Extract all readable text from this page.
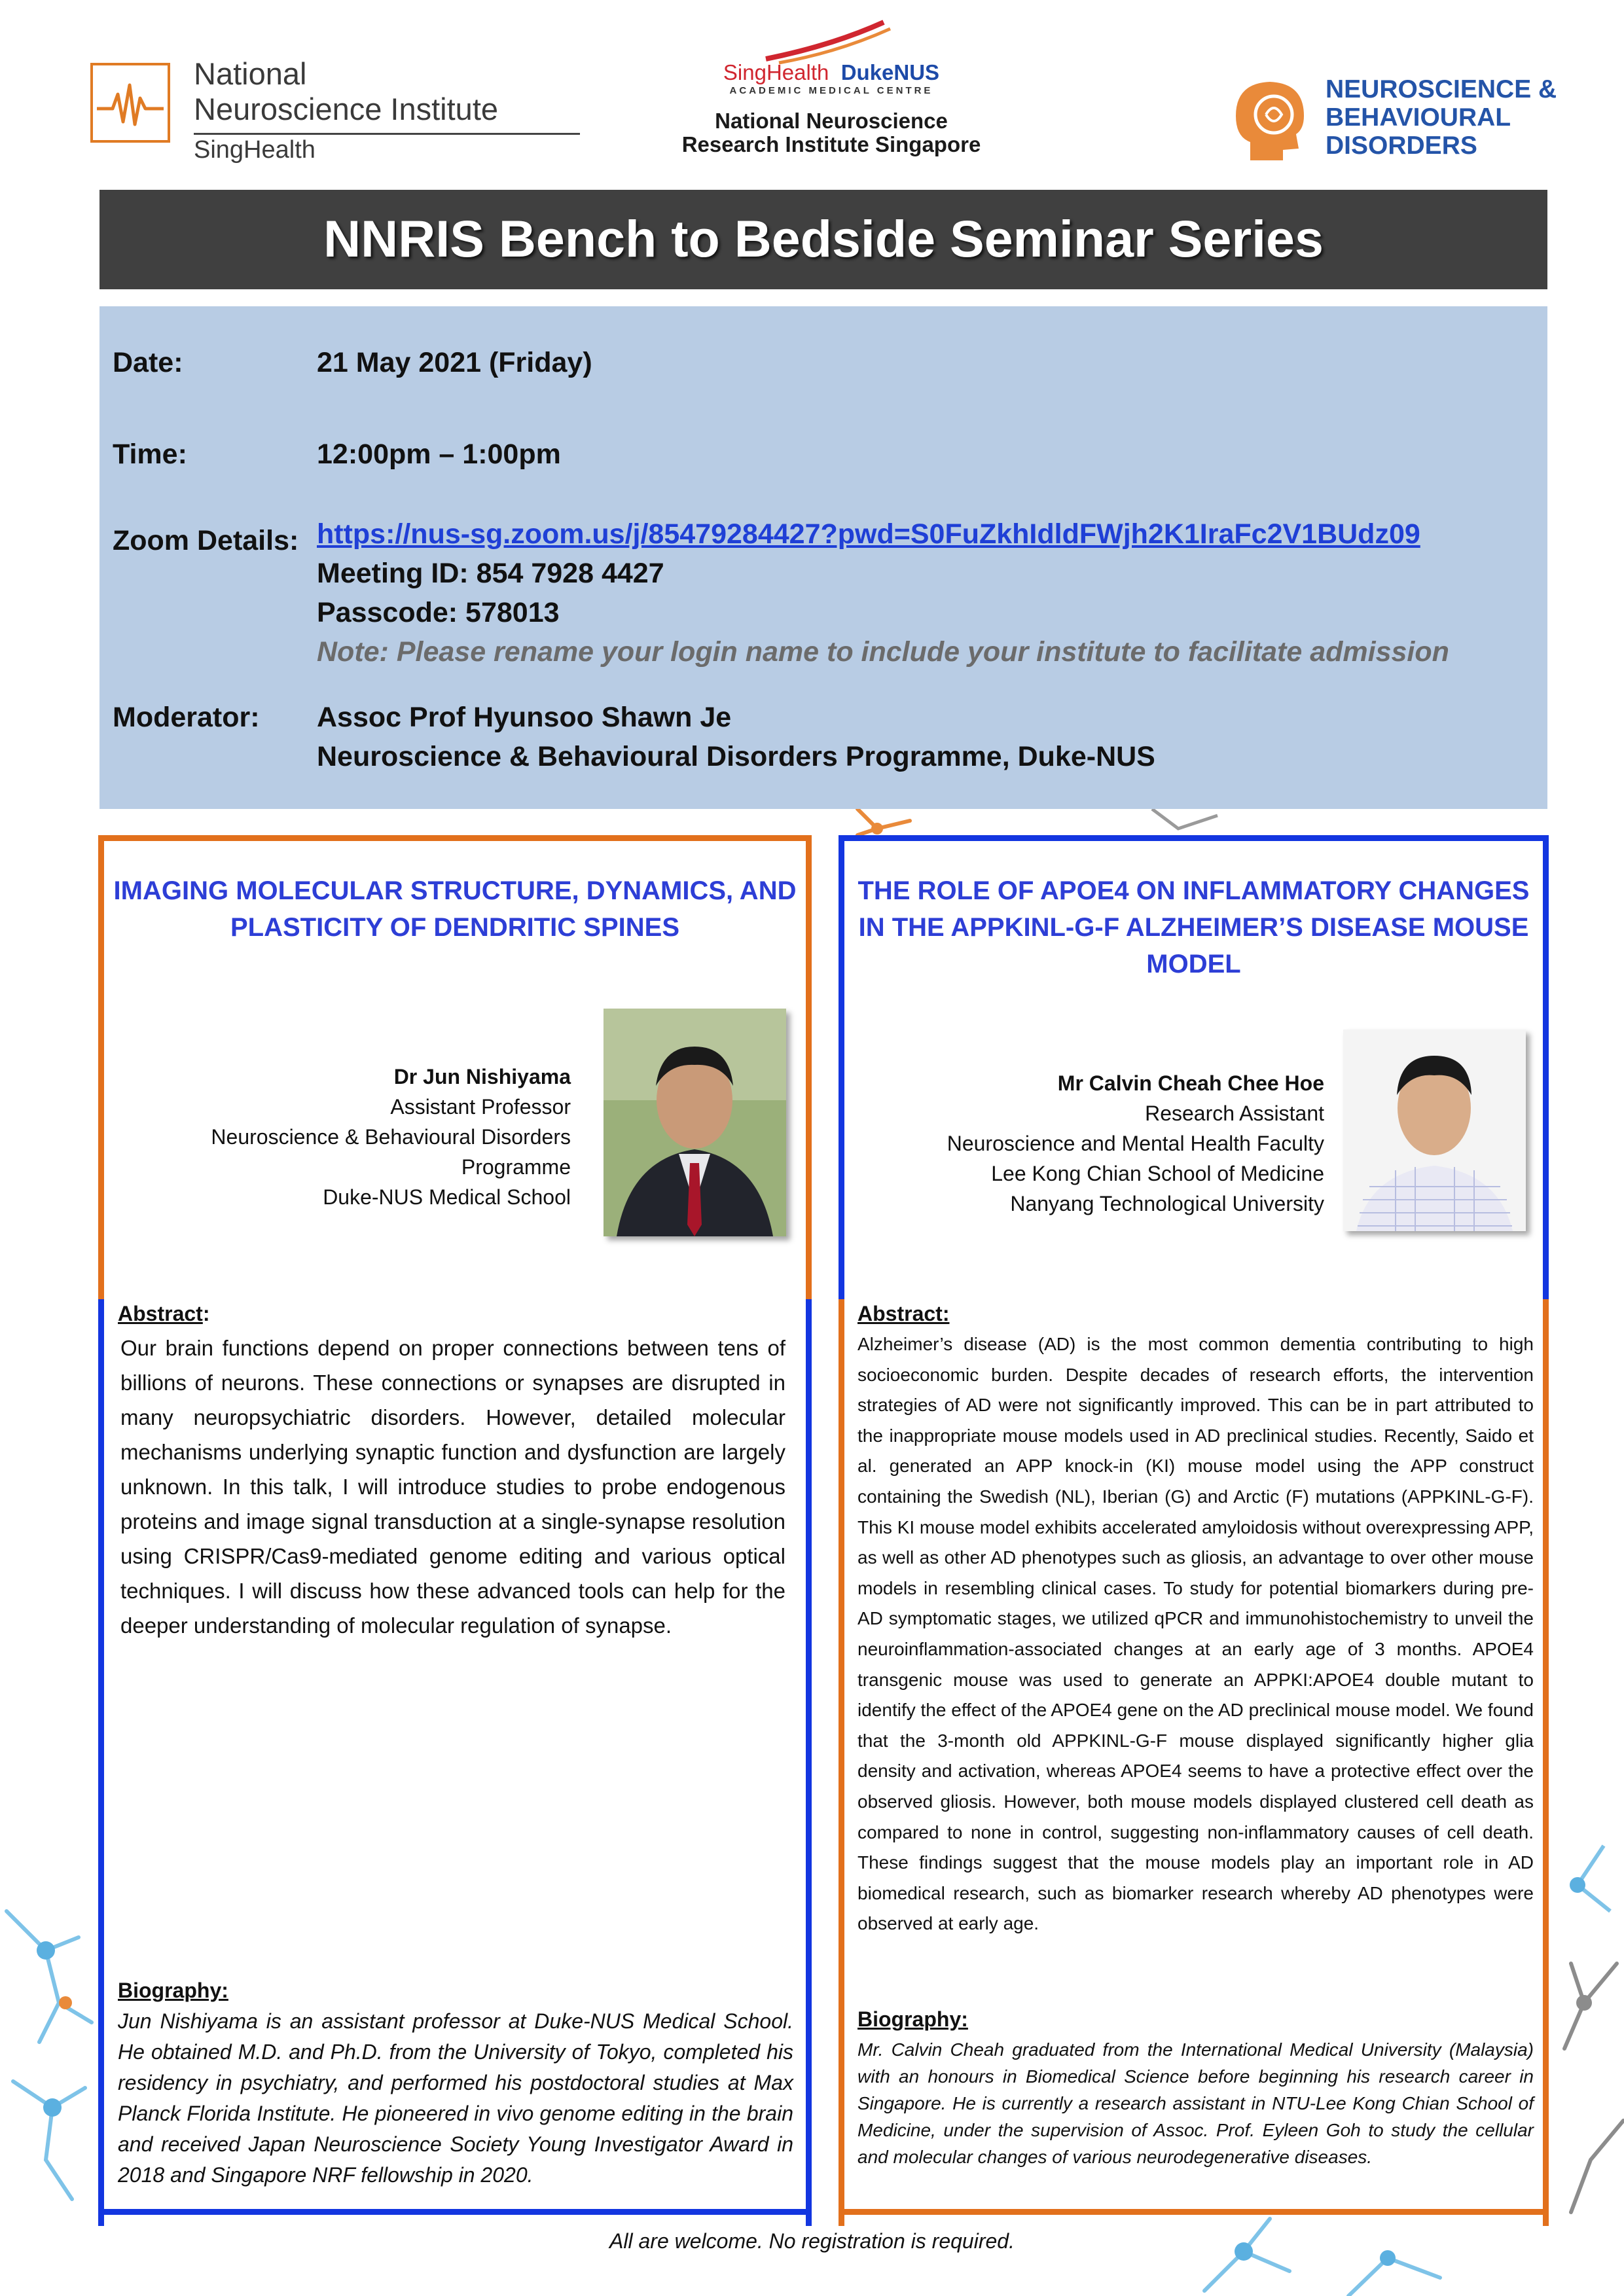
National
Neuroscience Institute
SingHealth
SingHealth DukeNUS
ACADEMIC MEDICAL CENTRE
National Neuroscience
Research Institute Singapore
NEUROSCIENCE &
BEHAVIOURAL
DISORDERS
NNRIS Bench to Bedside Seminar Series
Date:	21 May 2021 (Friday)
Time:	12:00pm – 1:00pm
Zoom Details: https://nus-sg.zoom.us/j/85479284427?pwd=S0FuZkhIdldFWjh2K1IraFc2V1BUdz09
Meeting ID: 854 7928 4427
Passcode: 578013
Note: Please rename your login name to include your institute to facilitate admission
Moderator: Assoc Prof Hyunsoo Shawn Je
Neuroscience & Behavioural Disorders Programme, Duke-NUS
IMAGING MOLECULAR STRUCTURE, DYNAMICS, AND
PLASTICITY OF DENDRITIC SPINES
Dr Jun Nishiyama
Assistant Professor
Neuroscience & Behavioural Disorders
Programme
Duke-NUS Medical School
Abstract:
Our brain functions depend on proper connections between tens of billions of neurons. These connections or synapses are disrupted in many neuropsychiatric disorders. However, detailed molecular mechanisms underlying synaptic function and dysfunction are largely unknown. In this talk, I will introduce studies to probe endogenous proteins and image signal transduction at a single-synapse resolution using CRISPR/Cas9-mediated genome editing and various optical techniques. I will discuss how these advanced tools can help for the deeper understanding of molecular regulation of synapse.
Biography:
Jun Nishiyama is an assistant professor at Duke-NUS Medical School. He obtained M.D. and Ph.D. from the University of Tokyo, completed his residency in psychiatry, and performed his postdoctoral studies at Max Planck Florida Institute. He pioneered in vivo genome editing in the brain and received Japan Neuroscience Society Young Investigator Award in 2018 and Singapore NRF fellowship in 2020.
THE ROLE OF APOE4 ON INFLAMMATORY CHANGES
IN THE APPKINL-G-F ALZHEIMER’S DISEASE MOUSE
MODEL
Mr Calvin Cheah Chee Hoe
Research Assistant
Neuroscience and Mental Health Faculty
Lee Kong Chian School of Medicine
Nanyang Technological University
Abstract:
Alzheimer’s disease (AD) is the most common dementia contributing to high socioeconomic burden. Despite decades of research efforts, the intervention strategies of AD were not significantly improved. This can be in part attributed to the inappropriate mouse models used in AD preclinical studies. Recently, Saido et al. generated an APP knock-in (KI) mouse model using the APP construct containing the Swedish (NL), Iberian (G) and Arctic (F) mutations (APPKINL-G-F). This KI mouse model exhibits accelerated amyloidosis without overexpressing APP, as well as other AD phenotypes such as gliosis, an advantage to over other mouse models in resembling clinical cases. To study for potential biomarkers during pre-AD symptomatic stages, we utilized qPCR and immunohistochemistry to unveil the neuroinflammation-associated changes at an early age of 3 months. APOE4 transgenic mouse was used to generate an APPKI:APOE4 double mutant to identify the effect of the APOE4 gene on the AD preclinical mouse model. We found that the 3-month old APPKINL-G-F mouse displayed significantly higher glia density and activation, whereas APOE4 seems to have a protective effect over the observed gliosis. However, both mouse models displayed clustered cell death as compared to none in control, suggesting non-inflammatory causes of cell death. These findings suggest that the mouse models play an important role in AD biomedical research, such as biomarker research whereby AD phenotypes were observed at early age.
Biography:
Mr. Calvin Cheah graduated from the International Medical University (Malaysia) with an honours in Biomedical Science before beginning his research career in Singapore. He is currently a research assistant in NTU-Lee Kong Chian School of Medicine, under the supervision of Assoc. Prof. Eyleen Goh to study the cellular and molecular changes of various neurodegenerative diseases.
All are welcome. No registration is required.
